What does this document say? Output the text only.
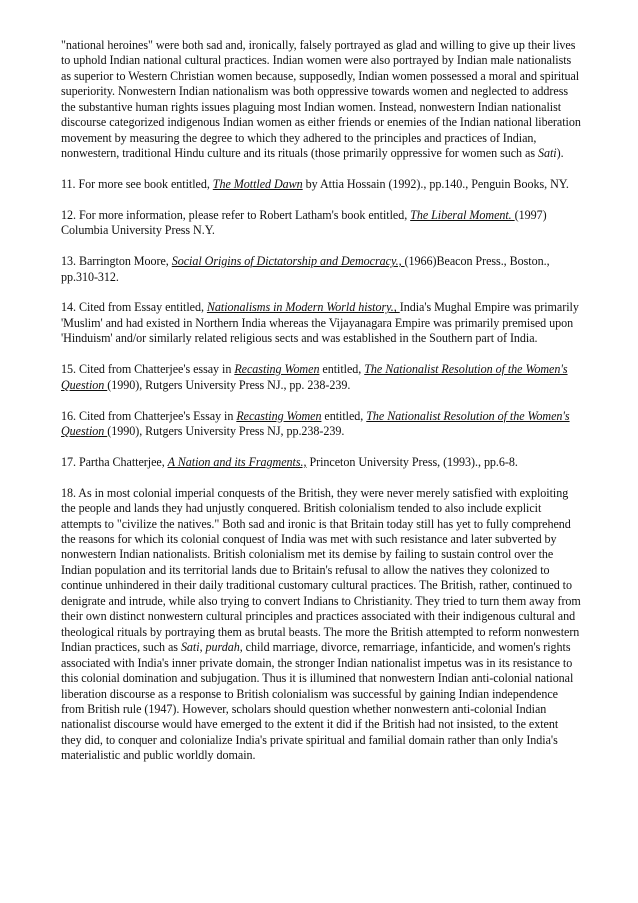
"national heroines" were both sad and, ironically, falsely portrayed as glad and willing to give up their lives to uphold Indian national cultural practices. Indian women were also portrayed by Indian male nationalists as superior to Western Christian women because, supposedly, Indian women possessed a moral and spiritual superiority. Nonwestern Indian nationalism was both oppressive towards women and neglected to address the substantive human rights issues plaguing most Indian women. Instead, nonwestern Indian nationalist discourse categorized indigenous Indian women as either friends or enemies of the Indian national liberation movement by measuring the degree to which they adhered to the principles and practices of Indian, nonwestern, traditional Hindu culture and its rituals (those primarily oppressive for women such as Sati).

11. For more see book entitled, The Mottled Dawn by Attia Hossain (1992)., pp.140., Penguin Books, NY.

12. For more information, please refer to Robert Latham's book entitled, The Liberal Moment. (1997) Columbia University Press N.Y.

13. Barrington Moore, Social Origins of Dictatorship and Democracy., (1966)Beacon Press., Boston., pp.310-312.

14. Cited from Essay entitled, Nationalisms in Modern World history., India's Mughal Empire was primarily 'Muslim' and had existed in Northern India whereas the Vijayanagara Empire was primarily premised upon 'Hinduism' and/or similarly related religious sects and was established in the Southern part of India.

15. Cited from Chatterjee's essay in Recasting Women entitled, The Nationalist Resolution of the Women's Question (1990), Rutgers University Press NJ., pp. 238-239.

16. Cited from Chatterjee's Essay in Recasting Women entitled, The Nationalist Resolution of the Women's Question (1990), Rutgers University Press NJ, pp.238-239.

17. Partha Chatterjee, A Nation and its Fragments., Princeton University Press, (1993)., pp.6-8.

18. As in most colonial imperial conquests of the British, they were never merely satisfied with exploiting the people and lands they had unjustly conquered. British colonialism tended to also include explicit attempts to "civilize the natives." Both sad and ironic is that Britain today still has yet to fully comprehend the reasons for which its colonial conquest of India was met with such resistance and later subverted by nonwestern Indian nationalists. British colonialism met its demise by failing to sustain control over the Indian population and its territorial lands due to Britain's refusal to allow the natives they colonized to continue unhindered in their daily traditional customary cultural practices. The British, rather, continued to denigrate and intrude, while also trying to convert Indians to Christianity. They tried to turn them away from their own distinct nonwestern cultural principles and practices associated with their indigenous cultural and theological rituals by portraying them as brutal beasts. The more the British attempted to reform nonwestern Indian practices, such as Sati, purdah, child marriage, divorce, remarriage, infanticide, and women's rights associated with India's inner private domain, the stronger Indian nationalist impetus was in its resistance to this colonial domination and subjugation. Thus it is illumined that nonwestern Indian anti-colonial national liberation discourse as a response to British colonialism was successful by gaining Indian independence from British rule (1947). However, scholars should question whether nonwestern anti-colonial Indian nationalist discourse would have emerged to the extent it did if the British had not insisted, to the extent they did, to conquer and colonialize India's private spiritual and familial domain rather than only India's materialistic and public worldly domain.
